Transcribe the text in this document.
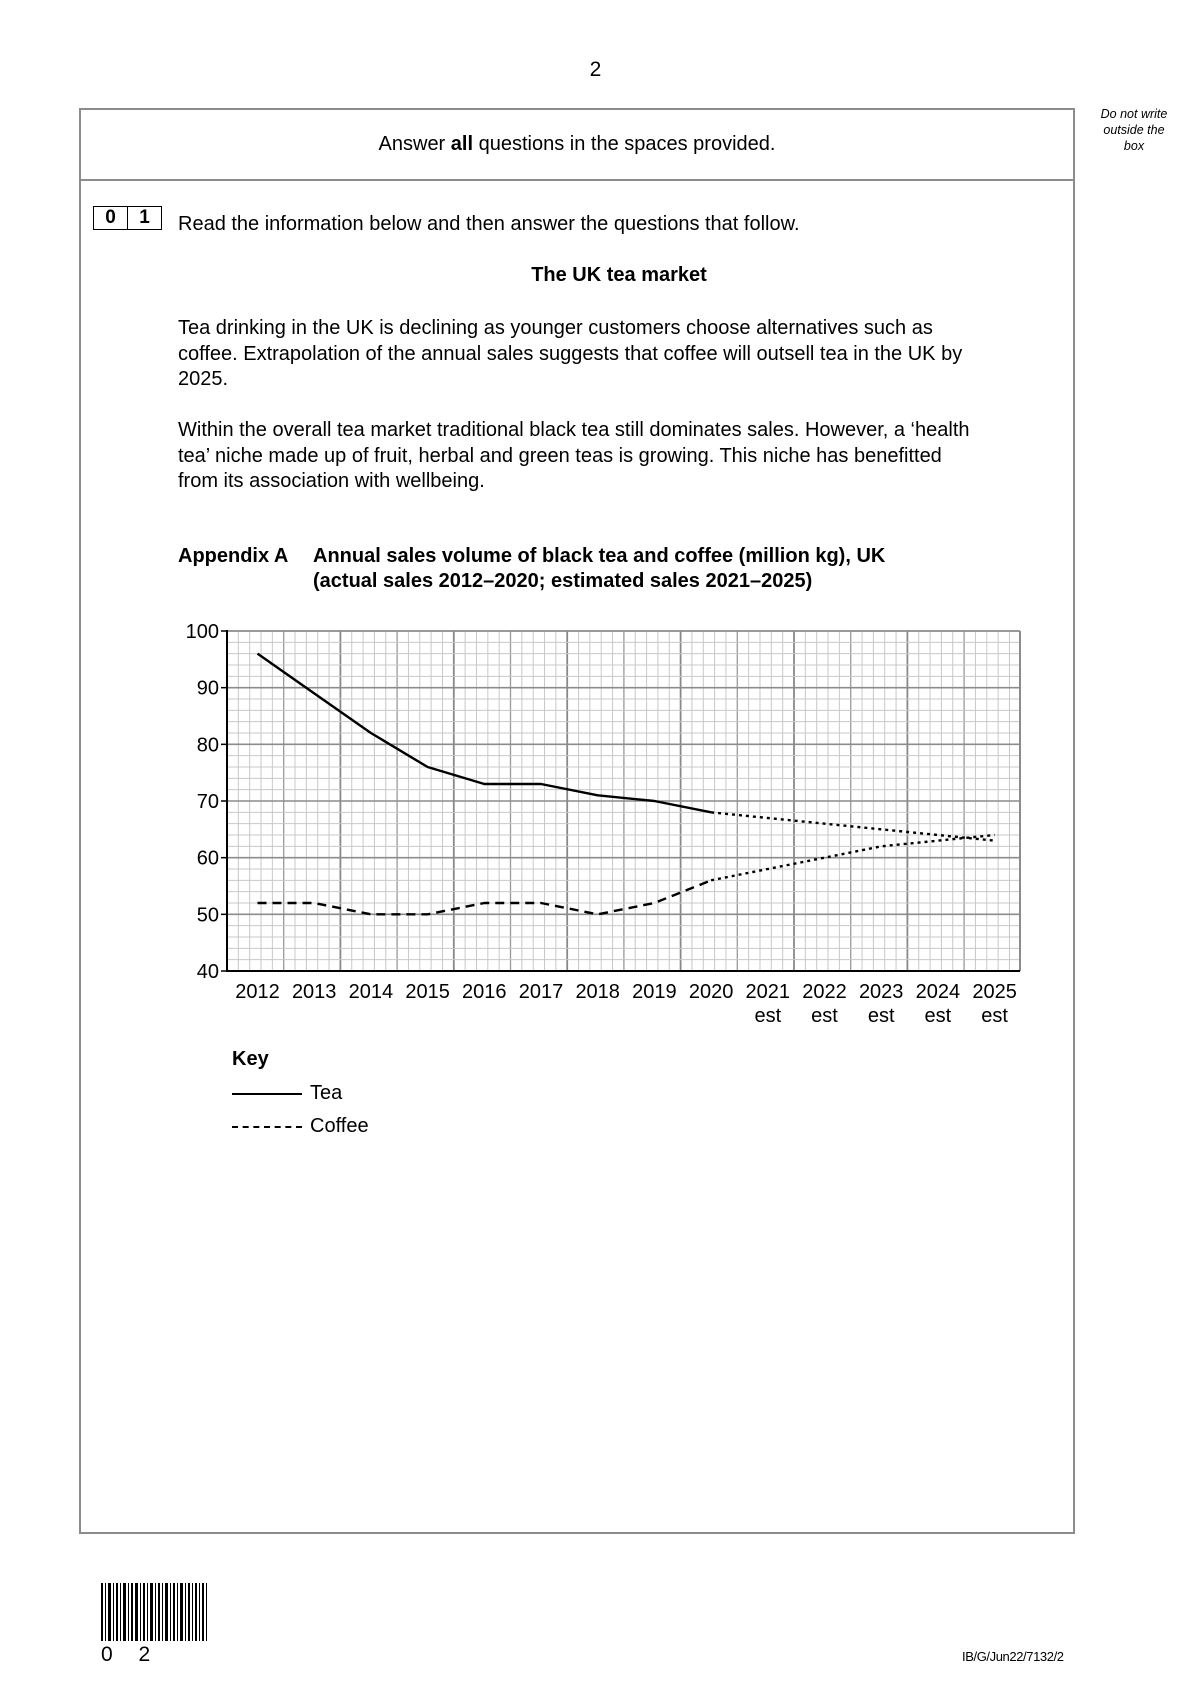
2
Do not write
outside the
box
Answer all questions in the spaces provided.
0	1	Read the information below and then answer the questions that follow.
The UK tea market
Tea drinking in the UK is declining as younger customers choose alternatives such as
coffee. Extrapolation of the annual sales suggests that coffee will outsell tea in the UK by
2025.
Within the overall tea market traditional black tea still dominates sales. However, a ‘health
tea’ niche made up of fruit, herbal and green teas is growing. This niche has benefitted
from its association with wellbeing.
Appendix A Annual sales volume of black tea and coffee (million kg), UK
(actual sales 2012–2020; estimated sales 2021–2025)
40
50
60
70
80
90
100
2012 2013 2014 2015 2016 2017 2018 2019 2020 2021
est
2022
est
2023
est
2024
est
2025
est
Key
Tea
Coffee
0 2	IB/G/Jun22/7132/2
